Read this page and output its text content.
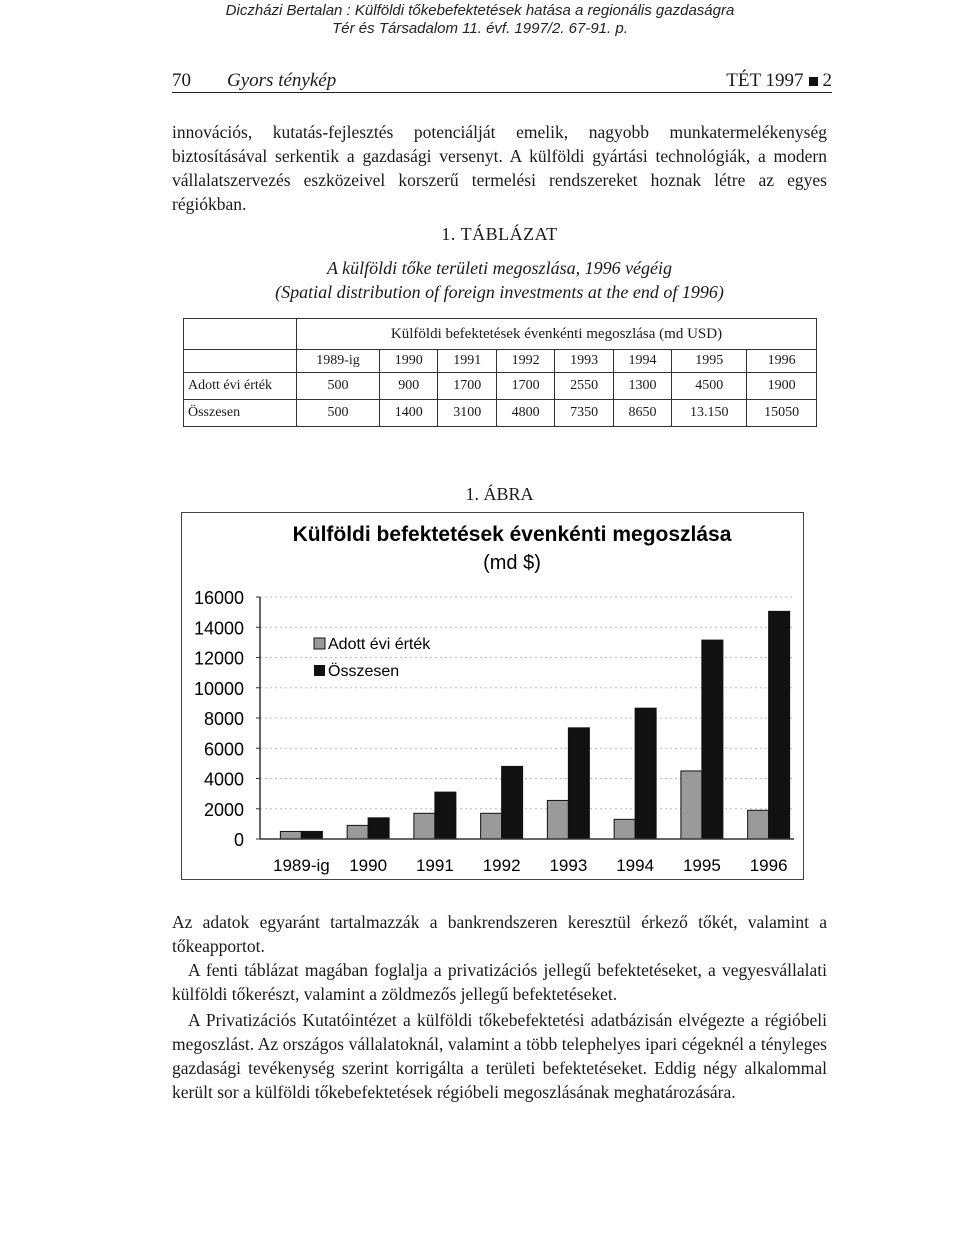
Diczházi Bertalan : Külföldi tőkebefektetések hatása a regionális gazdaságra
Tér és Társadalom 11. évf. 1997/2. 67-91. p.
70 Gyors ténykép	TÉT 1997 2

innovációs, kutatás-fejlesztés potenciálját emelik, nagyobb munkatermelékenység biztosításával serkentik a gazdasági versenyt. A külföldi gyártási technológiák, a modern vállalatszervezés eszközeivel korszerű termelési rendszereket hoznak létre az egyes régiókban.

1. TÁBLÁZAT
A külföldi tőke területi megoszlása, 1996 végéig
(Spatial distribution of foreign investments at the end of 1996)
	Külföldi befektetések évenkénti megoszlása (md USD)							
	1989-ig	1990	1991	1992	1993	1994	1995	1996
Adott évi érték	500	900	1700	1700	2550	1300	4500	1900
Összesen	500	1400	3100	4800	7350	8650	13.150	15050
1. ÁBRA
Külföldi befektetések évenkénti megoszlása
(md $)
16000
14000
12000
10000
8000
6000
4000
2000
0
1989-ig 1990 1991 1992 1993 1994 1995 1996
Adott évi érték
Összesen

Az adatok egyaránt tartalmazzák a bankrendszeren keresztül érkező tőkét, valamint a tőkeapportot.

A fenti táblázat magában foglalja a privatizációs jellegű befektetéseket, a vegyesvállalati külföldi tőkerészt, valamint a zöldmezős jellegű befektetéseket.

A Privatizációs Kutatóintézet a külföldi tőkebefektetési adatbázisán elvégezte a régióbeli megoszlást. Az országos vállalatoknál, valamint a több telephelyes ipari cégeknél a tényleges gazdasági tevékenység szerint korrigálta a területi befektetéseket. Eddig négy alkalommal került sor a külföldi tőkebefektetések régióbeli megoszlásának meghatározására.
